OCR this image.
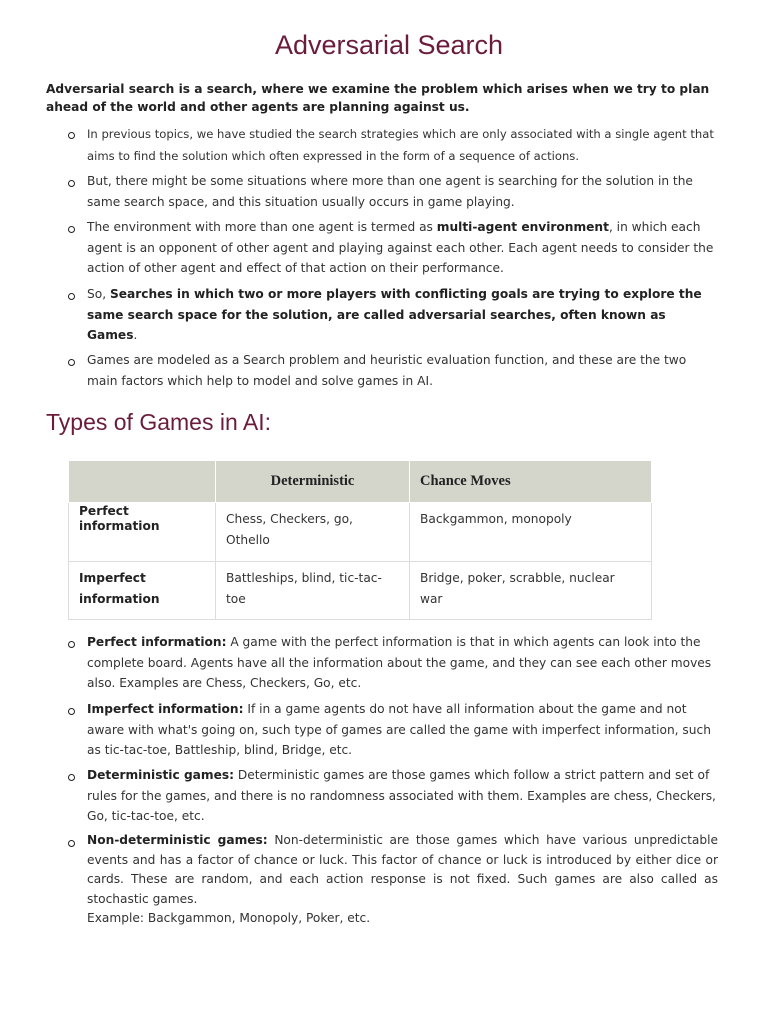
Adversarial Search

Adversarial search is a search, where we examine the problem which arises when we try to plan ahead of the world and other agents are planning against us.

In previous topics, we have studied the search strategies which are only associated with a single agent that aims to find the solution which often expressed in the form of a sequence of actions.
But, there might be some situations where more than one agent is searching for the solution in the same search space, and this situation usually occurs in game playing.
The environment with more than one agent is termed as multi-agent environment, in which each agent is an opponent of other agent and playing against each other. Each agent needs to consider the action of other agent and effect of that action on their performance.
So, Searches in which two or more players with conflicting goals are trying to explore the same search space for the solution, are called adversarial searches, often known as Games.
Games are modeled as a Search problem and heuristic evaluation function, and these are the two main factors which help to model and solve games in AI.
Types of Games in AI:
	Deterministic	Chance Moves
Perfect information	Chess, Checkers, go, Othello	Backgammon, monopoly
Imperfect information	Battleships, blind, tic-tac-toe	Bridge, poker, scrabble, nuclear war
Perfect information: A game with the perfect information is that in which agents can look into the complete board. Agents have all the information about the game, and they can see each other moves also. Examples are Chess, Checkers, Go, etc.
Imperfect information: If in a game agents do not have all information about the game and not aware with what's going on, such type of games are called the game with imperfect information, such as tic-tac-toe, Battleship, blind, Bridge, etc.
Deterministic games: Deterministic games are those games which follow a strict pattern and set of rules for the games, and there is no randomness associated with them. Examples are chess, Checkers, Go, tic-tac-toe, etc.
Non-deterministic games: Non-deterministic are those games which have various unpredictable events and has a factor of chance or luck. This factor of chance or luck is introduced by either dice or cards. These are random, and each action response is not fixed. Such games are also called as stochastic games.
Example: Backgammon, Monopoly, Poker, etc.
